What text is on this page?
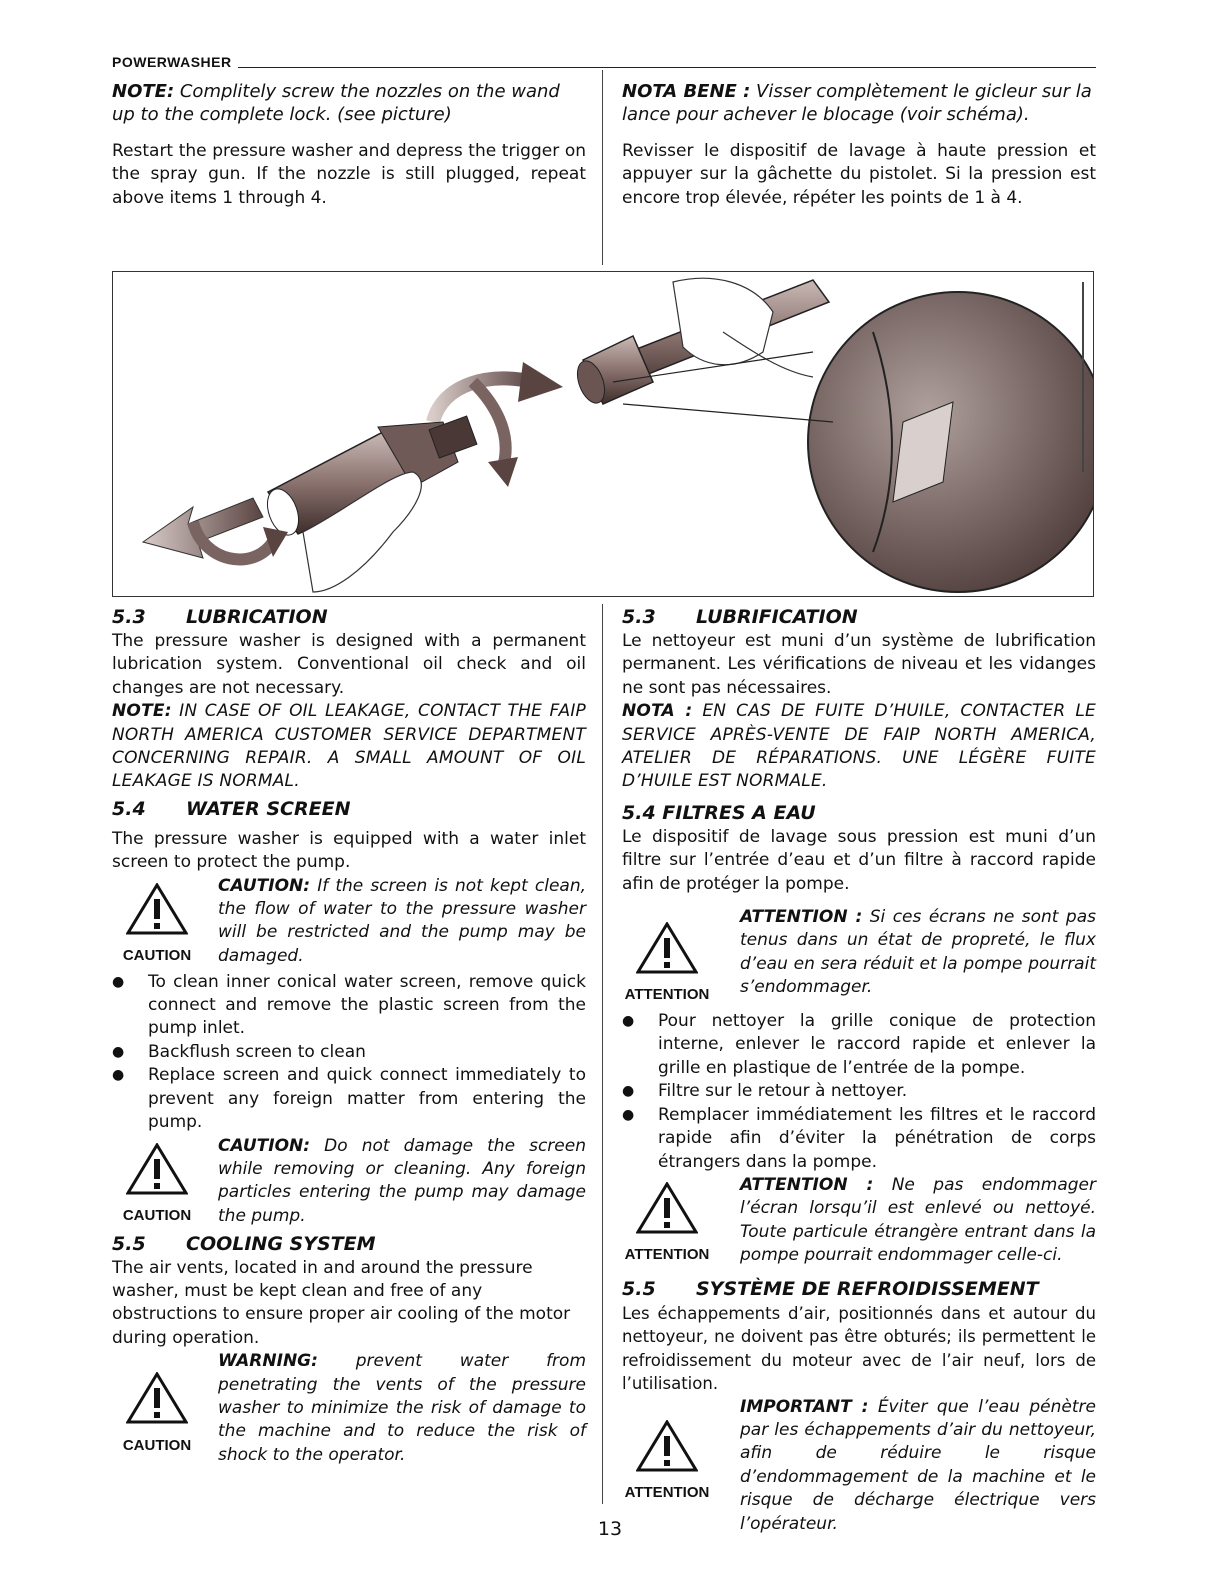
POWERWASHER
NOTE: Complitely screw the nozzles on the wand up to the complete lock. (see picture)

Restart the pressure washer and depress the trigger on the spray gun. If the nozzle is still plugged, repeat above items 1 through 4.

NOTA BENE : Visser complètement le gicleur sur la lance pour achever le blocage (voir schéma).

Revisser le dispositif de lavage à haute pression et appuyer sur la gâchette du pistolet. Si la pression est encore trop élevée, répéter les points de 1 à 4.

5.3 LUBRICATION

The pressure washer is designed with a permanent lubrication system. Conventional oil check and oil changes are not necessary.

NOTE: IN CASE OF OIL LEAKAGE, CONTACT THE FAIP NORTH AMERICA CUSTOMER SERVICE DEPARTMENT CONCERNING REPAIR. A SMALL AMOUNT OF OIL LEAKAGE IS NORMAL.
5.4 WATER SCREEN

The pressure washer is equipped with a water inlet screen to protect the pump.

CAUTION
CAUTION: If the screen is not kept clean, the flow of water to the pressure washer will be restricted and the pump may be damaged.
● To clean inner conical water screen, remove quick connect and remove the plastic screen from the pump inlet.
● Backflush screen to clean
● Replace screen and quick connect immediately to prevent any foreign matter from entering the pump.
CAUTION
CAUTION: Do not damage the screen while removing or cleaning. Any foreign particles entering the pump may damage the pump.
5.5 COOLING SYSTEM

The air vents, located in and around the pressure washer, must be kept clean and free of any obstructions to ensure proper air cooling of the motor during operation.

CAUTION
WARNING: prevent water from penetrating the vents of the pressure washer to minimize the risk of damage to the machine and to reduce the risk of shock to the operator.
5.3 LUBRIFICATION

Le nettoyeur est muni d’un système de lubrification permanent. Les vérifications de niveau et les vidanges ne sont pas nécessaires.

NOTA : EN CAS DE FUITE D’HUILE, CONTACTER LE SERVICE APRÈS-VENTE DE FAIP NORTH AMERICA, ATELIER DE RÉPARATIONS. UNE LÉGÈRE FUITE D’HUILE EST NORMALE.
5.4 FILTRES A EAU

Le dispositif de lavage sous pression est muni d’un filtre sur l’entrée d’eau et d’un filtre à raccord rapide afin de protéger la pompe.

ATTENTION
ATTENTION : Si ces écrans ne sont pas tenus dans un état de propreté, le flux d’eau en sera réduit et la pompe pourrait s’endommager.
● Pour nettoyer la grille conique de protection interne, enlever le raccord rapide et enlever la grille en plastique de l’entrée de la pompe.
● Filtre sur le retour à nettoyer.
● Remplacer immédiatement les filtres et le raccord rapide afin d’éviter la pénétration de corps étrangers dans la pompe.
ATTENTION
ATTENTION : Ne pas endommager l’écran lorsqu’il est enlevé ou nettoyé. Toute particule étrangère entrant dans la pompe pourrait endommager celle-ci.
5.5 SYSTÈME DE REFROIDISSEMENT

Les échappements d’air, positionnés dans et autour du nettoyeur, ne doivent pas être obturés; ils permettent le refroidissement du moteur avec de l’air neuf, lors de l’utilisation.

ATTENTION
IMPORTANT : Éviter que l’eau pénètre par les échappements d’air du nettoyeur, afin de réduire le risque d’endommagement de la machine et le risque de décharge électrique vers l’opérateur.
13
